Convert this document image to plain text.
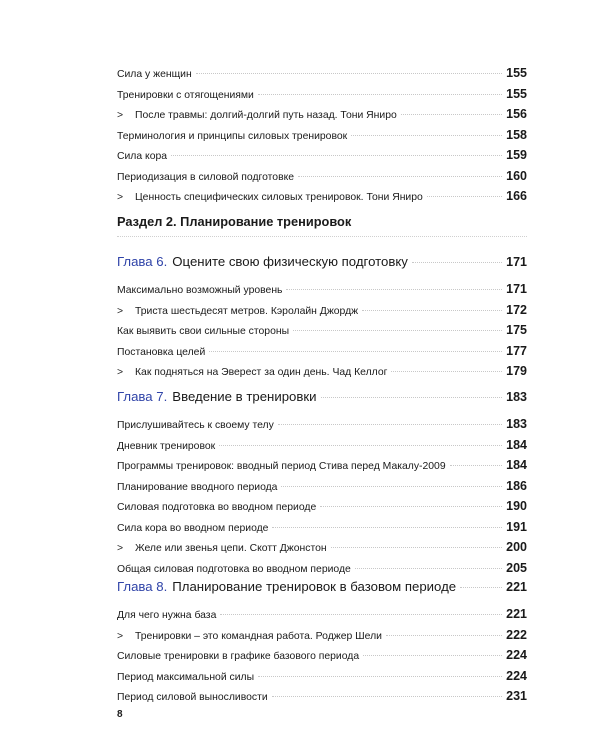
Сила у женщин	155
Тренировки с отягощениями	155
>	После травмы: долгий-долгий путь назад. Тони Яниро	156
Терминология и принципы силовых тренировок	158
Сила кора	159
Периодизация в силовой подготовке	160
>	Ценность специфических силовых тренировок. Тони Яниро	166
Раздел 2. Планирование тренировок
Глава 6. Оцените свою физическую подготовку	171
Максимально возможный уровень	171
>	Триста шестьдесят метров. Кэролайн Джордж	172
Как выявить свои сильные стороны	175
Постановка целей	177
>	Как подняться на Эверест за один день. Чад Келлог	179
Глава 7. Введение в тренировки	183
Прислушивайтесь к своему телу	183
Дневник тренировок	184
Программы тренировок: вводный период Стива перед Макалу-2009	184
Планирование вводного периода	186
Силовая подготовка во вводном периоде	190
Сила кора во вводном периоде	191
>	Желе или звенья цепи. Скотт Джонстон	200
Общая силовая подготовка во вводном периоде	205
Глава 8. Планирование тренировок в базовом периоде	221
Для чего нужна база	221
>	Тренировки – это командная работа. Роджер Шели	222
Силовые тренировки в графике базового периода	224
Период максимальной силы	224
Период силовой выносливости	231
8
